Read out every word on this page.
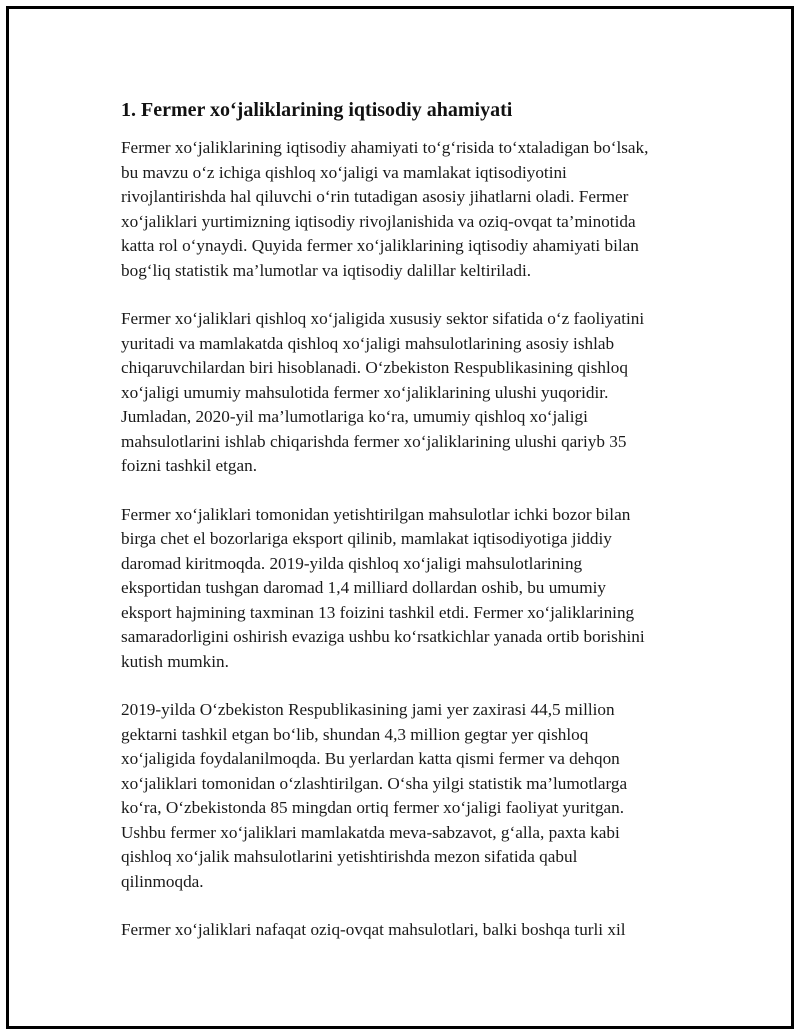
1. Fermer xo‘jaliklarining iqtisodiy ahamiyati

Fermer xo‘jaliklarining iqtisodiy ahamiyati to‘g‘risida to‘xtaladigan bo‘lsak,
bu mavzu o‘z ichiga qishloq xo‘jaligi va mamlakat iqtisodiyotini
rivojlantirishda hal qiluvchi o‘rin tutadigan asosiy jihatlarni oladi. Fermer
xo‘jaliklari yurtimizning iqtisodiy rivojlanishida va oziq-ovqat ta’minotida
katta rol o‘ynaydi. Quyida fermer xo‘jaliklarining iqtisodiy ahamiyati bilan
bog‘liq statistik ma’lumotlar va iqtisodiy dalillar keltiriladi.

Fermer xo‘jaliklari qishloq xo‘jaligida xususiy sektor sifatida o‘z faoliyatini
yuritadi va mamlakatda qishloq xo‘jaligi mahsulotlarining asosiy ishlab
chiqaruvchilardan biri hisoblanadi. O‘zbekiston Respublikasining qishloq
xo‘jaligi umumiy mahsulotida fermer xo‘jaliklarining ulushi yuqoridir.
Jumladan, 2020-yil ma’lumotlariga ko‘ra, umumiy qishloq xo‘jaligi
mahsulotlarini ishlab chiqarishda fermer xo‘jaliklarining ulushi qariyb 35
foizni tashkil etgan.

Fermer xo‘jaliklari tomonidan yetishtirilgan mahsulotlar ichki bozor bilan
birga chet el bozorlariga eksport qilinib, mamlakat iqtisodiyotiga jiddiy
daromad kiritmoqda. 2019-yilda qishloq xo‘jaligi mahsulotlarining
eksportidan tushgan daromad 1,4 milliard dollardan oshib, bu umumiy
eksport hajmining taxminan 13 foizini tashkil etdi. Fermer xo‘jaliklarining
samaradorligini oshirish evaziga ushbu ko‘rsatkichlar yanada ortib borishini
kutish mumkin.

2019-yilda O‘zbekiston Respublikasining jami yer zaxirasi 44,5 million
gektarni tashkil etgan bo‘lib, shundan 4,3 million gegtar yer qishloq
xo‘jaligida foydalanilmoqda. Bu yerlardan katta qismi fermer va dehqon
xo‘jaliklari tomonidan o‘zlashtirilgan. O‘sha yilgi statistik ma’lumotlarga
ko‘ra, O‘zbekistonda 85 mingdan ortiq fermer xo‘jaligi faoliyat yuritgan.
Ushbu fermer xo‘jaliklari mamlakatda meva-sabzavot, g‘alla, paxta kabi
qishloq xo‘jalik mahsulotlarini yetishtirishda mezon sifatida qabul
qilinmoqda.

Fermer xo‘jaliklari nafaqat oziq-ovqat mahsulotlari, balki boshqa turli xil
